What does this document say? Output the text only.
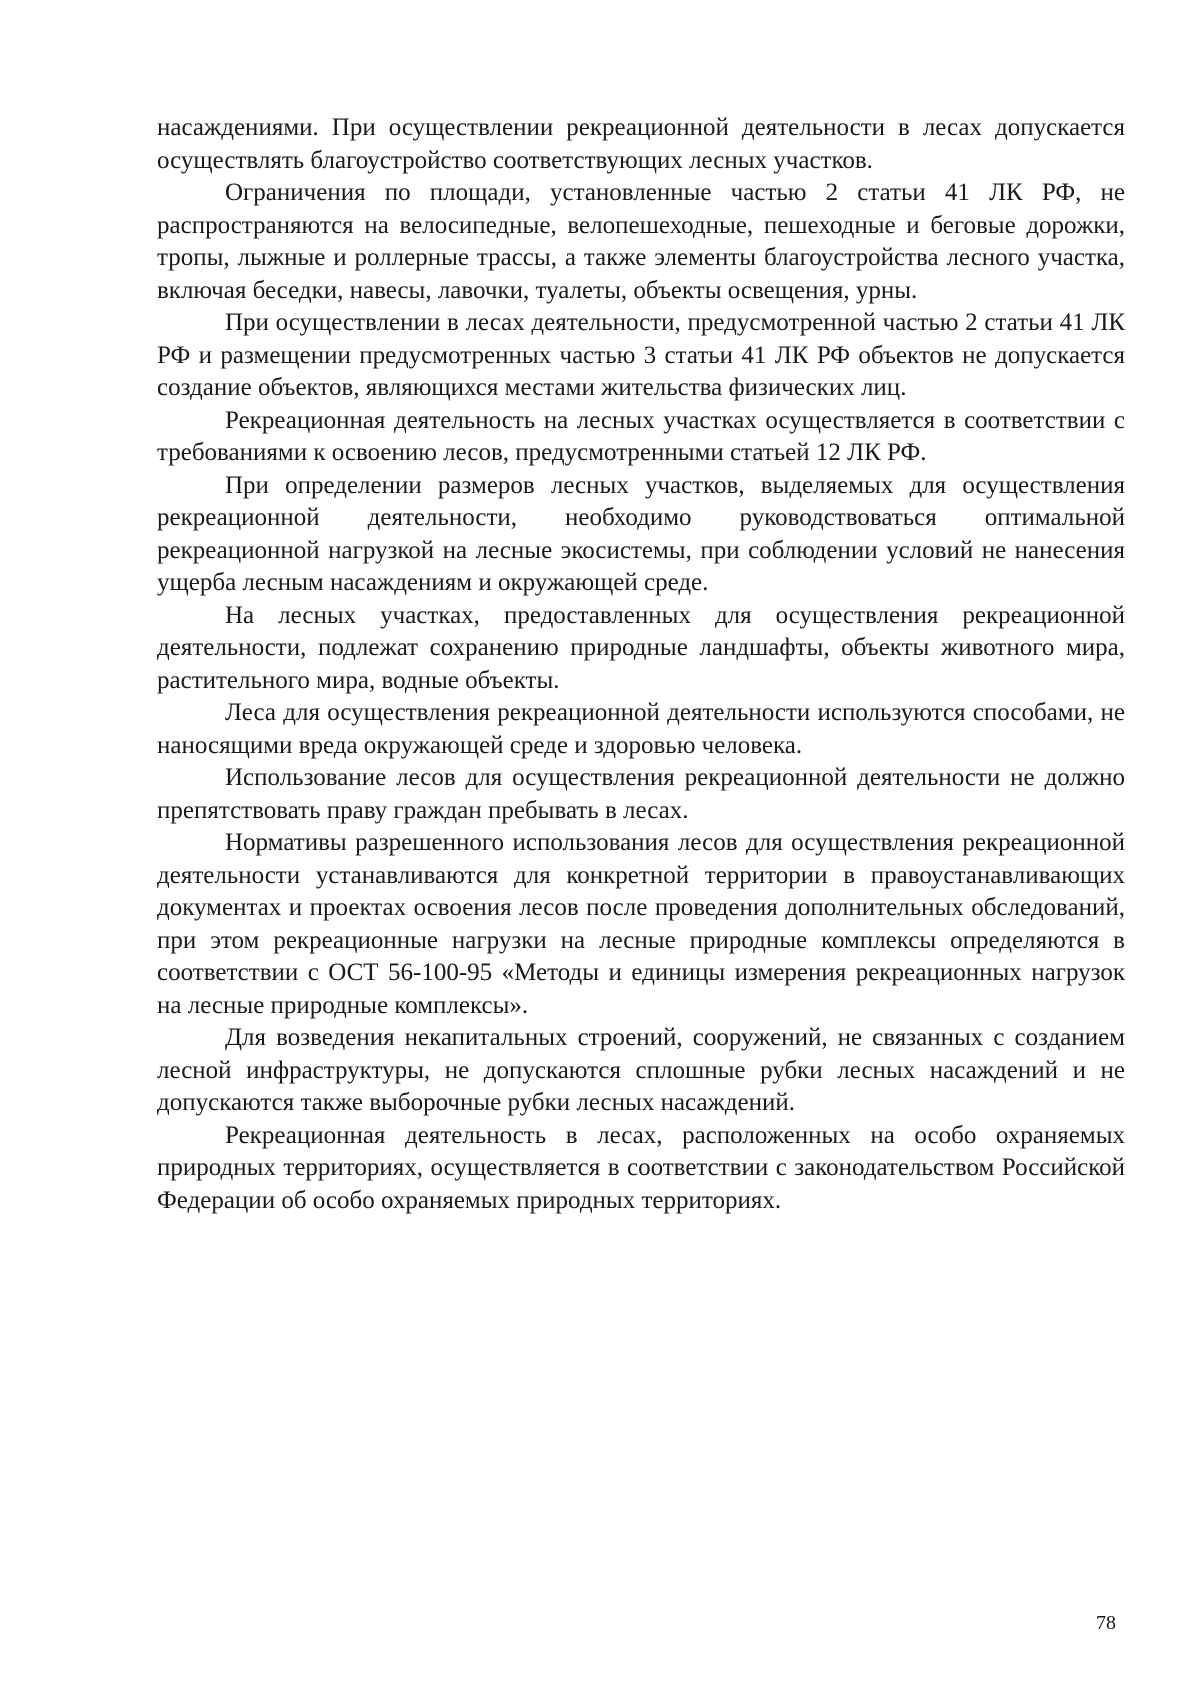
насаждениями. При осуществлении рекреационной деятельности в лесах допускается осуществлять благоустройство соответствующих лесных участков.

Ограничения по площади, установленные частью 2 статьи 41 ЛК РФ, не распространяются на велосипедные, велопешеходные, пешеходные и беговые дорожки, тропы, лыжные и роллерные трассы, а также элементы благоустройства лесного участка, включая беседки, навесы, лавочки, туалеты, объекты освещения, урны.

При осуществлении в лесах деятельности, предусмотренной частью 2 статьи 41 ЛК РФ и размещении предусмотренных частью 3 статьи 41 ЛК РФ объектов не допускается создание объектов, являющихся местами жительства физических лиц.

Рекреационная деятельность на лесных участках осуществляется в соответствии с требованиями к освоению лесов, предусмотренными статьей 12 ЛК РФ.

При определении размеров лесных участков, выделяемых для осуществления рекреационной деятельности, необходимо руководствоваться оптимальной рекреационной нагрузкой на лесные экосистемы, при соблюдении условий не нанесения ущерба лесным насаждениям и окружающей среде.

На лесных участках, предоставленных для осуществления рекреационной деятельности, подлежат сохранению природные ландшафты, объекты животного мира, растительного мира, водные объекты.

Леса для осуществления рекреационной деятельности используются способами, не наносящими вреда окружающей среде и здоровью человека.

Использование лесов для осуществления рекреационной деятельности не должно препятствовать праву граждан пребывать в лесах.

Нормативы разрешенного использования лесов для осуществления рекреационной деятельности устанавливаются для конкретной территории в правоустанавливающих документах и проектах освоения лесов после проведения дополнительных обследований, при этом рекреационные нагрузки на лесные природные комплексы определяются в соответствии с ОСТ 56-100-95 «Методы и единицы измерения рекреационных нагрузок на лесные природные комплексы».

Для возведения некапитальных строений, сооружений, не связанных с созданием лесной инфраструктуры, не допускаются сплошные рубки лесных насаждений и не допускаются также выборочные рубки лесных насаждений.

Рекреационная деятельность в лесах, расположенных на особо охраняемых природных территориях, осуществляется в соответствии с законодательством Российской Федерации об особо охраняемых природных территориях.

78
